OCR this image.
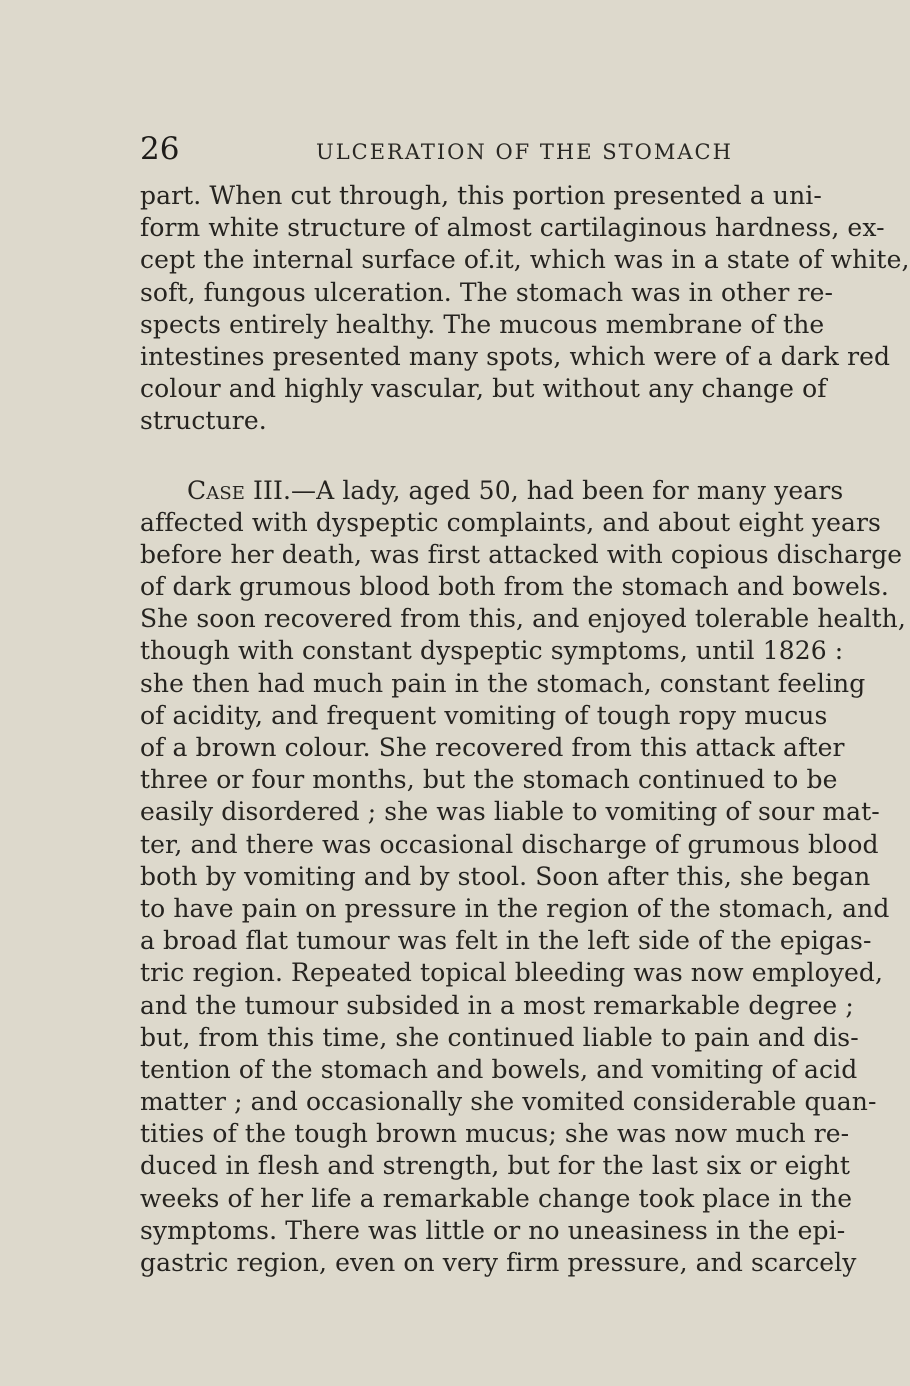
26	ULCERATION OF THE STOMACH
part. When cut through, this portion presented a uni-
form white structure of almost cartilaginous hardness, ex-
cept the internal surface of.it, which was in a state of white,
soft, fungous ulceration. The stomach was in other re-
spects entirely healthy. The mucous membrane of the
intestines presented many spots, which were of a dark red
colour and highly vascular, but without any change of
structure.
Case III.—A lady, aged 50, had been for many years
affected with dyspeptic complaints, and about eight years
before her death, was first attacked with copious discharge
of dark grumous blood both from the stomach and bowels.
She soon recovered from this, and enjoyed tolerable health,
though with constant dyspeptic symptoms, until 1826 :
she then had much pain in the stomach, constant feeling
of acidity, and frequent vomiting of tough ropy mucus
of a brown colour. She recovered from this attack after
three or four months, but the stomach continued to be
easily disordered ; she was liable to vomiting of sour mat-
ter, and there was occasional discharge of grumous blood
both by vomiting and by stool. Soon after this, she began
to have pain on pressure in the region of the stomach, and
a broad flat tumour was felt in the left side of the epigas-
tric region. Repeated topical bleeding was now employed,
and the tumour subsided in a most remarkable degree ;
but, from this time, she continued liable to pain and dis-
tention of the stomach and bowels, and vomiting of acid
matter ; and occasionally she vomited considerable quan-
tities of the tough brown mucus; she was now much re-
duced in flesh and strength, but for the last six or eight
weeks of her life a remarkable change took place in the
symptoms. There was little or no uneasiness in the epi-
gastric region, even on very firm pressure, and scarcely
